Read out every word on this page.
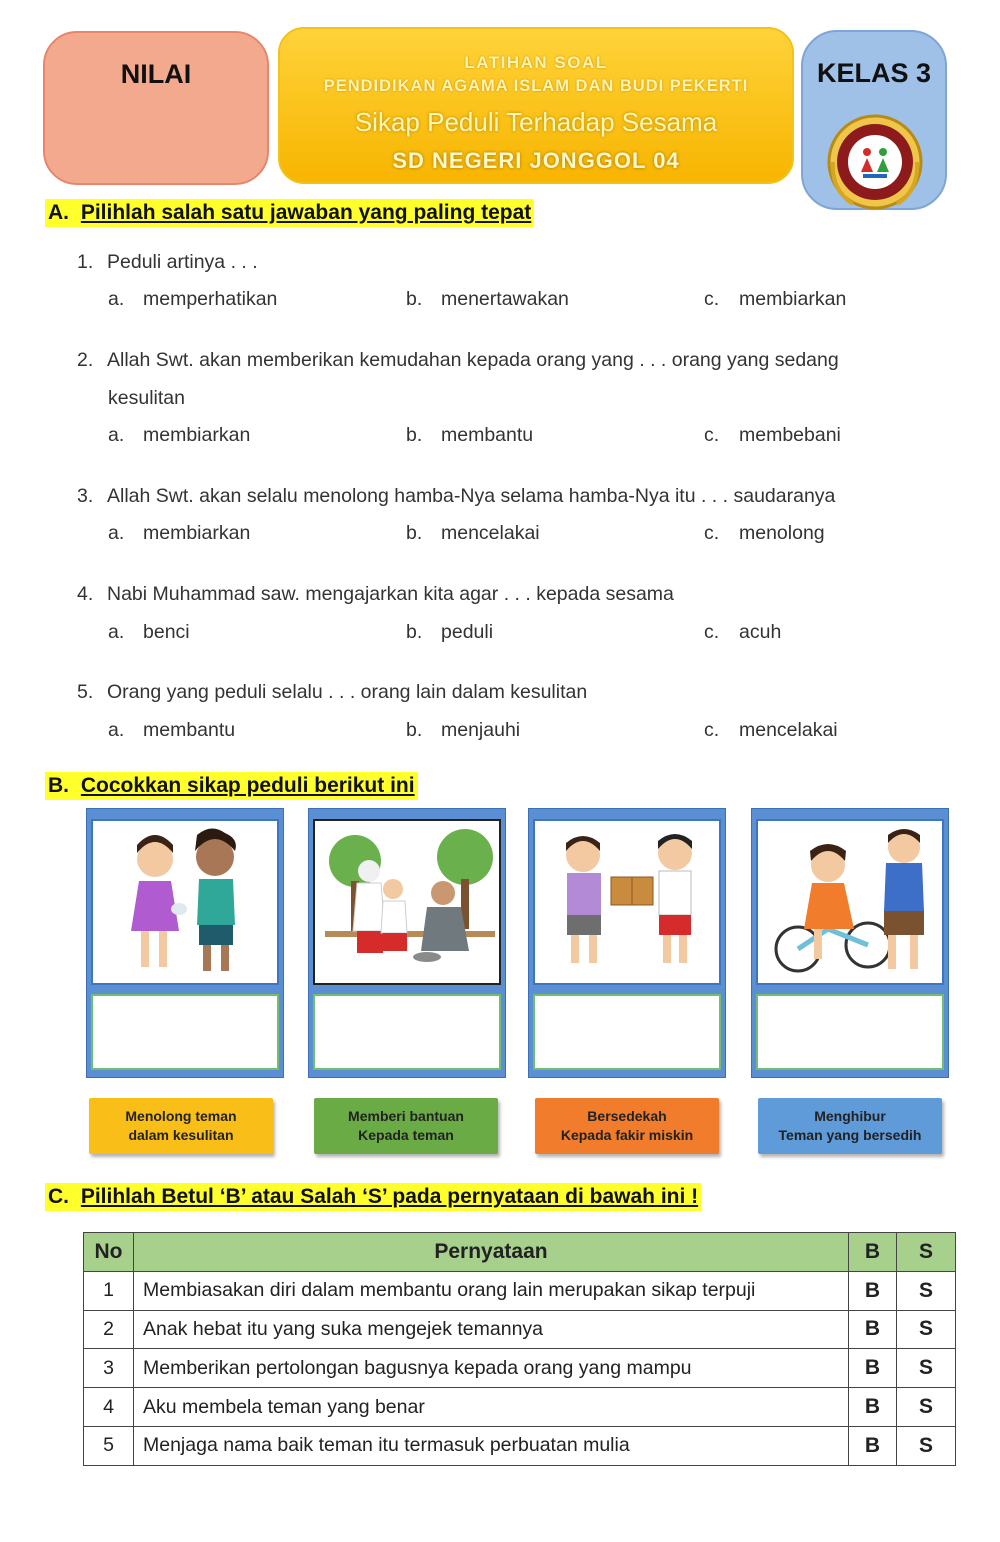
NILAI	LATIHAN SOAL
PENDIDIKAN AGAMA ISLAM DAN BUDI PEKERTI
Sikap Peduli Terhadap Sesama
SD NEGERI JONGGOL 04
KELAS 3
A. Pilihlah salah satu jawaban yang paling tepat
1. Peduli artinya . . .
a. memperhatikan	b. menertawakan	c. membiarkan
2. Allah Swt. akan memberikan kemudahan kepada orang yang . . . orang yang sedang
kesulitan
a. membiarkan	b. membantu	c. membebani
3. Allah Swt. akan selalu menolong hamba-Nya selama hamba-Nya itu . . . saudaranya
a. membiarkan	b. mencelakai	c. menolong
4. Nabi Muhammad saw. mengajarkan kita agar . . . kepada sesama
a. benci	b. peduli	c. acuh
5. Orang yang peduli selalu . . . orang lain dalam kesulitan
a. membantu	b. menjauhi	c. mencelakai
B. Cocokkan sikap peduli berikut ini
Menolong teman
dalam kesulitan
Memberi bantuan
Kepada teman
Bersedekah
Kepada fakir miskin
Menghibur
Teman yang bersedih
C. Pilihlah Betul ‘B’ atau Salah ‘S’ pada pernyataan di bawah ini !
No	Pernyataan	B	S
1	Membiasakan diri dalam membantu orang lain merupakan sikap terpuji	B	S
2	Anak hebat itu yang suka mengejek temannya	B	S
3	Memberikan pertolongan bagusnya kepada orang yang mampu	B	S
4	Aku membela teman yang benar	B	S
5	Menjaga nama baik teman itu termasuk perbuatan mulia	B	S
